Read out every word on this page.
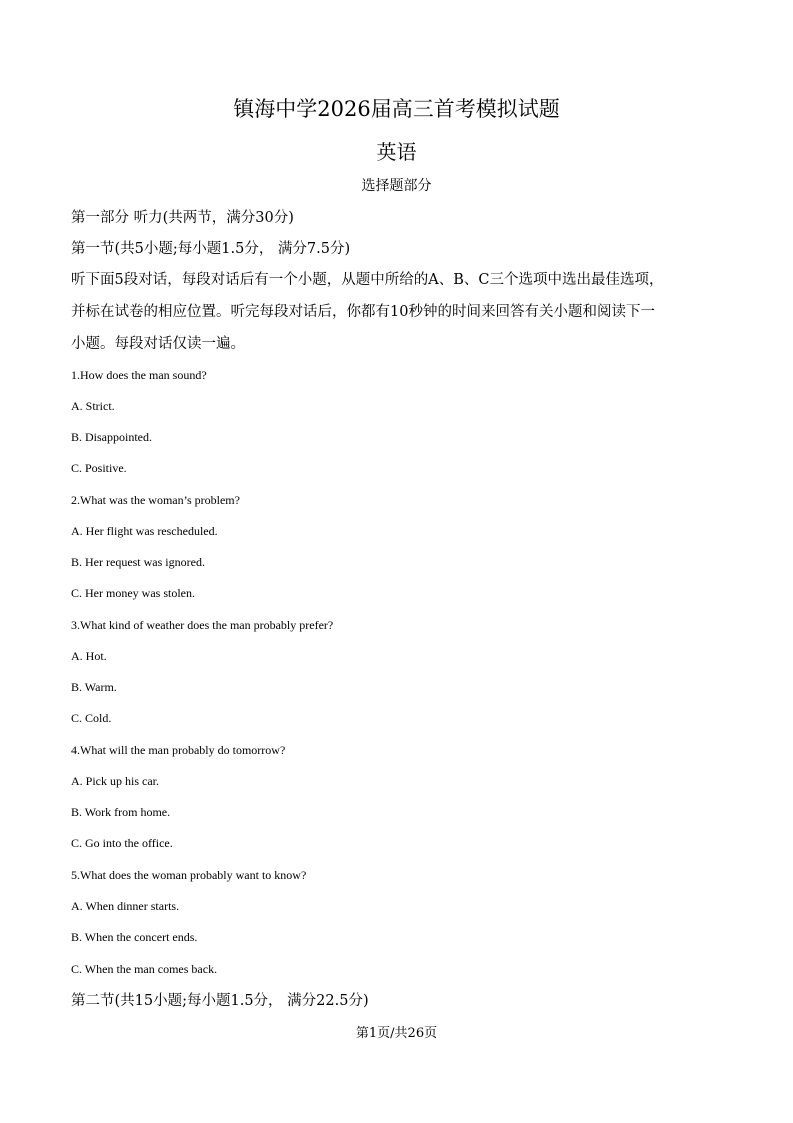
镇海中学2026届高三首考模拟试题
英语
选择题部分
第一部分 听力(共两节，满分30分)
第一节(共5小题;每小题1.5分， 满分7.5分)
听下面5段对话，每段对话后有一个小题，从题中所给的A、B、C三个选项中选出最佳选项，
并标在试卷的相应位置。听完每段对话后，你都有10秒钟的时间来回答有关小题和阅读下一
小题。每段对话仅读一遍。
1.How does the man sound?
A. Strict.
B. Disappointed.
C. Positive.
2.What was the woman’s problem?
A. Her flight was rescheduled.
B. Her request was ignored.
C. Her money was stolen.
3.What kind of weather does the man probably prefer?
A. Hot.
B. Warm.
C. Cold.
4.What will the man probably do tomorrow?
A. Pick up his car.
B. Work from home.
C. Go into the office.
5.What does the woman probably want to know?
A. When dinner starts.
B. When the concert ends.
C. When the man comes back.
第二节(共15小题;每小题1.5分， 满分22.5分)
第1页/共26页
